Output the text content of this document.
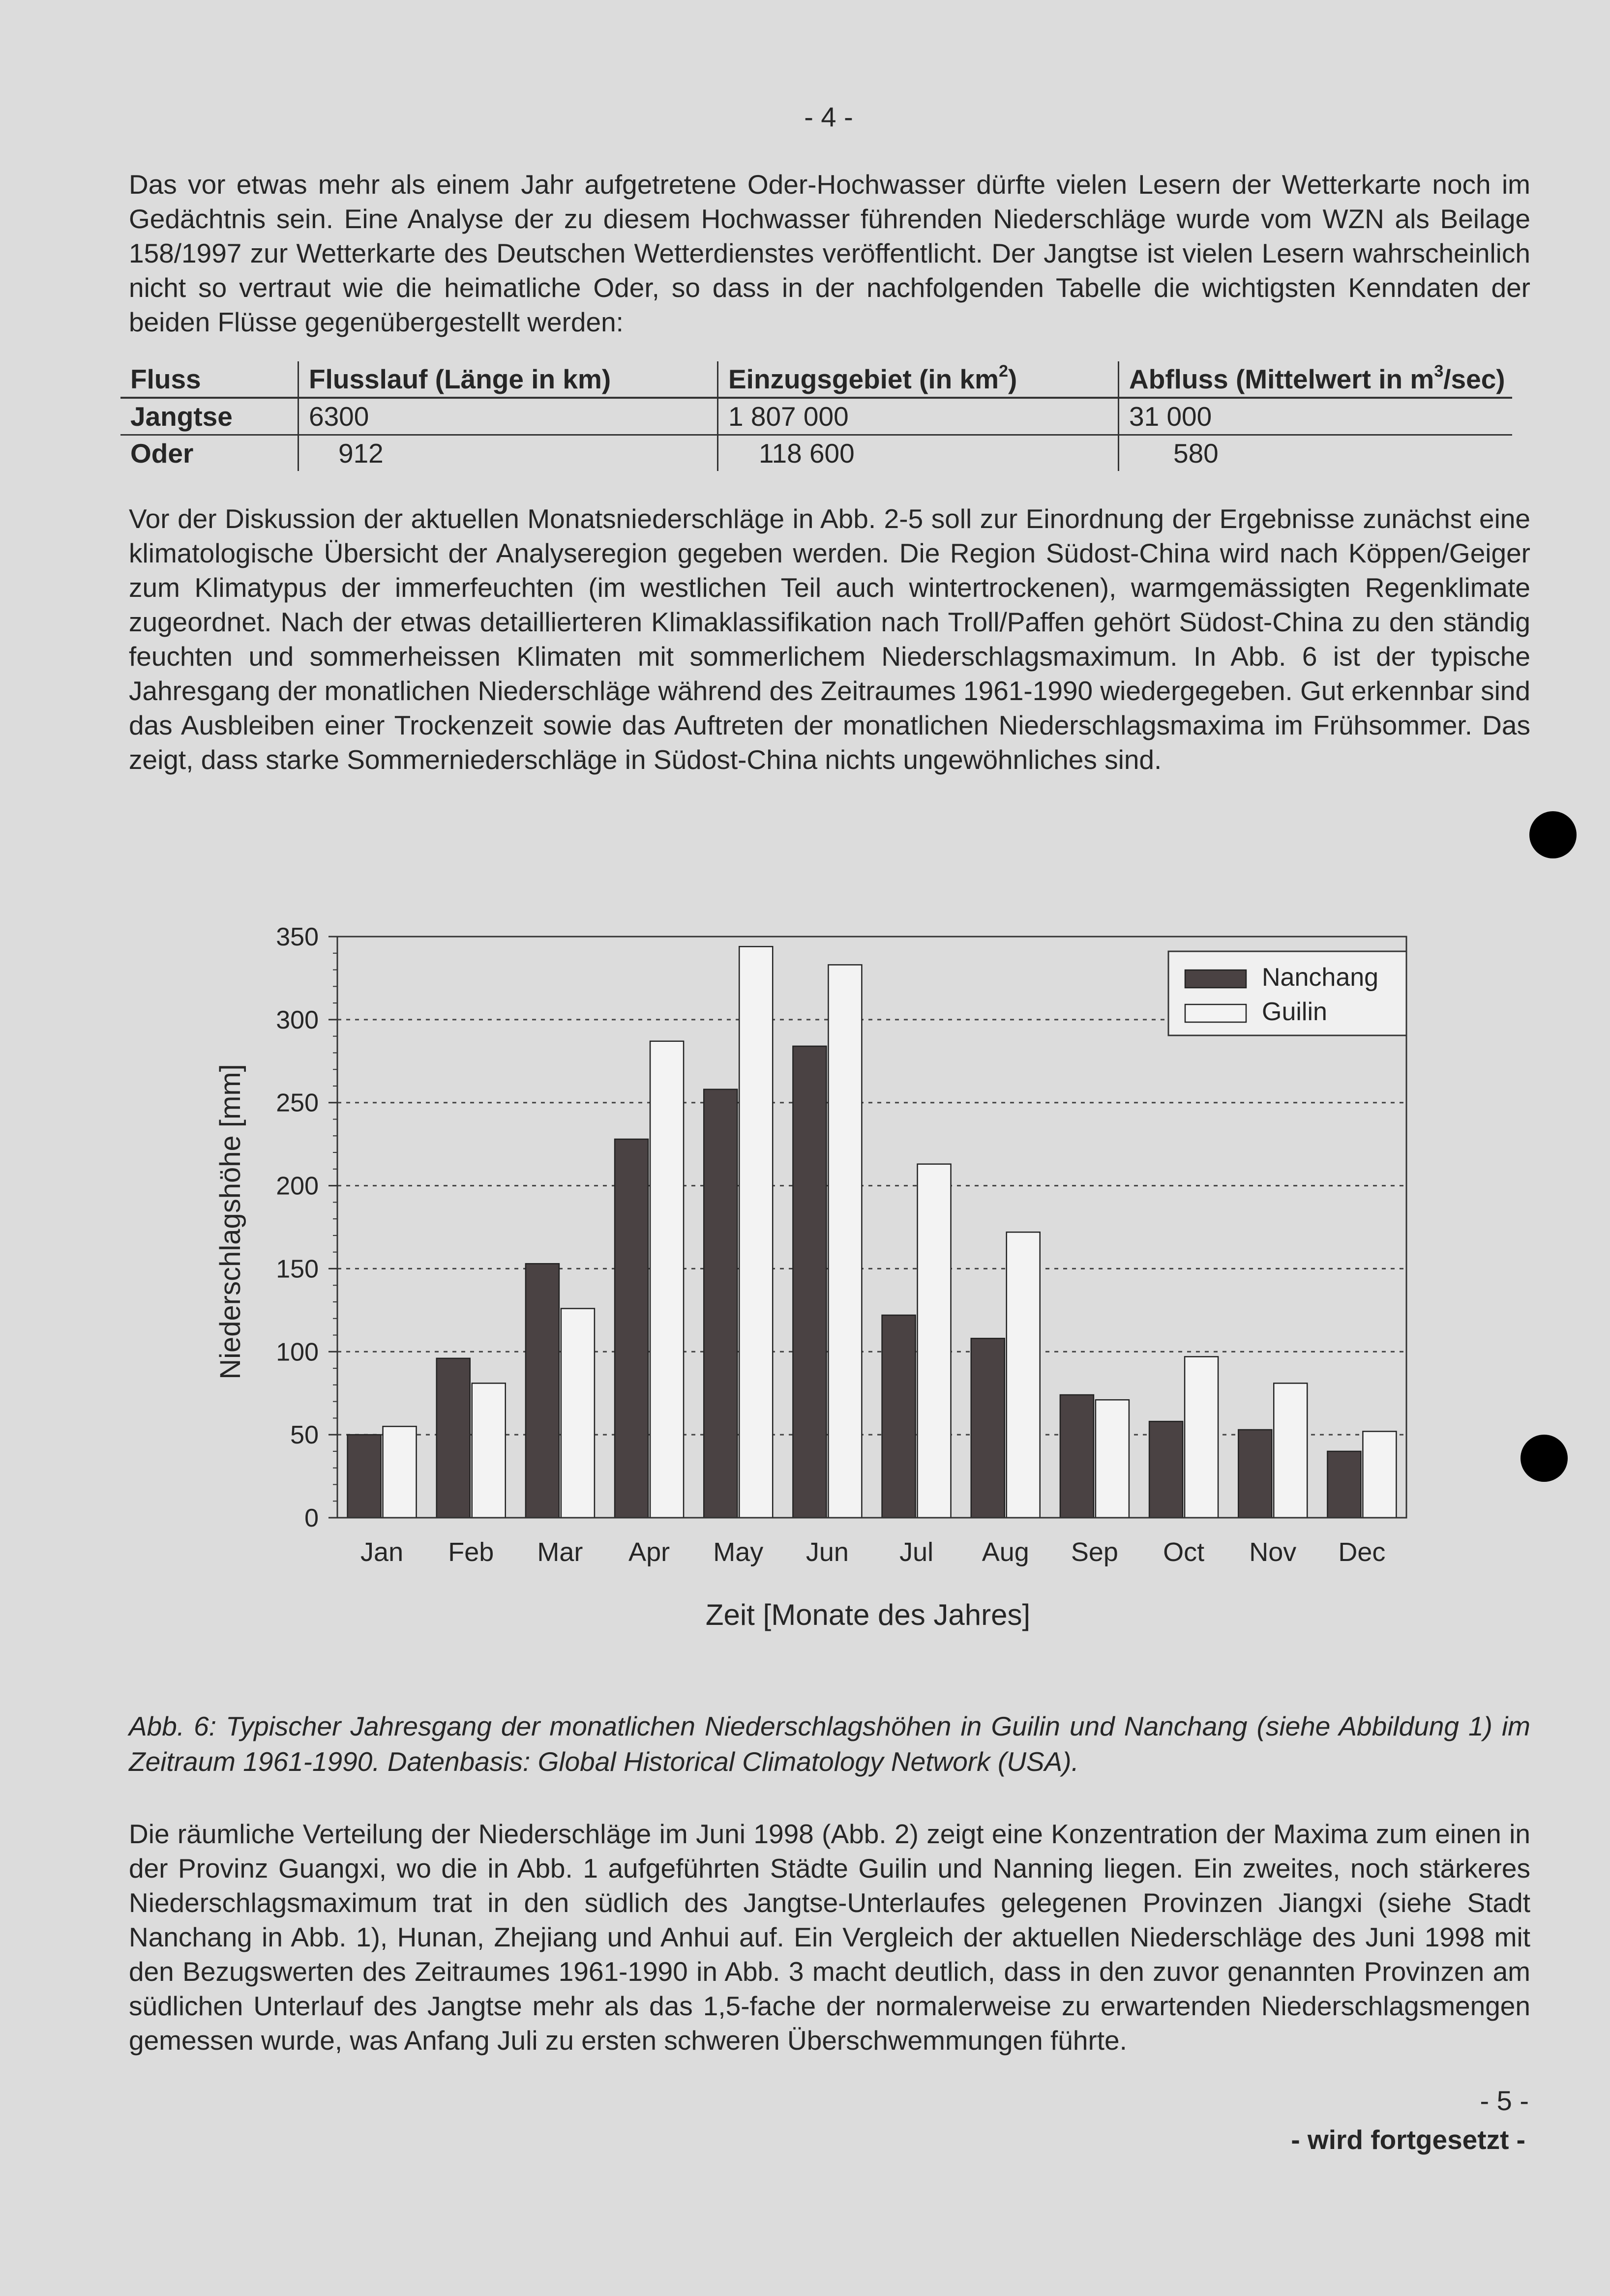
- 4 -

Das vor etwas mehr als einem Jahr aufgetretene Oder-Hochwasser dürfte vielen Lesern der Wetterkarte noch im Gedächtnis sein. Eine Analyse der zu diesem Hochwasser führenden Niederschläge wurde vom WZN als Beilage 158/1997 zur Wetterkarte des Deutschen Wetterdienstes veröffentlicht. Der Jangtse ist vielen Lesern wahrscheinlich nicht so vertraut wie die heimatliche Oder, so dass in der nachfolgenden Tabelle die wichtigsten Kenndaten der beiden Flüsse gegenübergestellt werden:

Fluss	Flusslauf (Länge in km)	Einzugsgebiet (in $km^2$)	Abfluss (Mittelwert in $m^3/\sec$)
Jangtse	6300	1 807 000	31 000
Oder	912	118 600	580

Vor der Diskussion der aktuellen Monatsniederschläge in Abb. 2-5 soll zur Einordnung der Ergebnisse zunächst eine klimatologische Übersicht der Analyseregion gegeben werden. Die Region Südost-China wird nach Köppen/Geiger zum Klimatypus der immerfeuchten (im westlichen Teil auch wintertrockenen), warmgemässigten Regenklimate zugeordnet. Nach der etwas detaillierteren Klimaklassifikation nach Troll/Paffen gehört Südost-China zu den ständig feuchten und sommerheissen Klimaten mit sommerlichem Niederschlagsmaximum. In Abb. 6 ist der typische Jahresgang der monatlichen Niederschläge während des Zeitraumes 1961-1990 wiedergegeben. Gut erkennbar sind das Ausbleiben einer Trockenzeit sowie das Auftreten der monatlichen Niederschlagsmaxima im Frühsommer. Das zeigt, dass starke Sommerniederschläge in Südost-China nichts ungewöhnliches sind.

0
50
100
150
200
250
300
350
Jan Feb Mar Apr May Jun Jul Aug Sep Oct Nov Dec
Nanchang
Guilin
Niederschlagshöhe [mm]
Zeit [Monate des Jahres]
Abb. 6: Typischer Jahresgang der monatlichen Niederschlagshöhen in Guilin und Nanchang (siehe Abbildung 1) im Zeitraum 1961-1990. Datenbasis: Global Historical Climatology Network (USA).

Die räumliche Verteilung der Niederschläge im Juni 1998 (Abb. 2) zeigt eine Konzentration der Maxima zum einen in der Provinz Guangxi, wo die in Abb. 1 aufgeführten Städte Guilin und Nanning liegen. Ein zweites, noch stärkeres Niederschlagsmaximum trat in den südlich des Jangtse-Unterlaufes gelegenen Provinzen Jiangxi (siehe Stadt Nanchang in Abb. 1), Hunan, Zhejiang und Anhui auf. Ein Vergleich der aktuellen Niederschläge des Juni 1998 mit den Bezugswerten des Zeitraumes 1961-1990 in Abb. 3 macht deutlich, dass in den zuvor genannten Provinzen am südlichen Unterlauf des Jangtse mehr als das 1,5-fache der normalerweise zu erwartenden Niederschlagsmengen gemessen wurde, was Anfang Juli zu ersten schweren Überschwemmungen führte.

- 5 -
- wird fortgesetzt -
